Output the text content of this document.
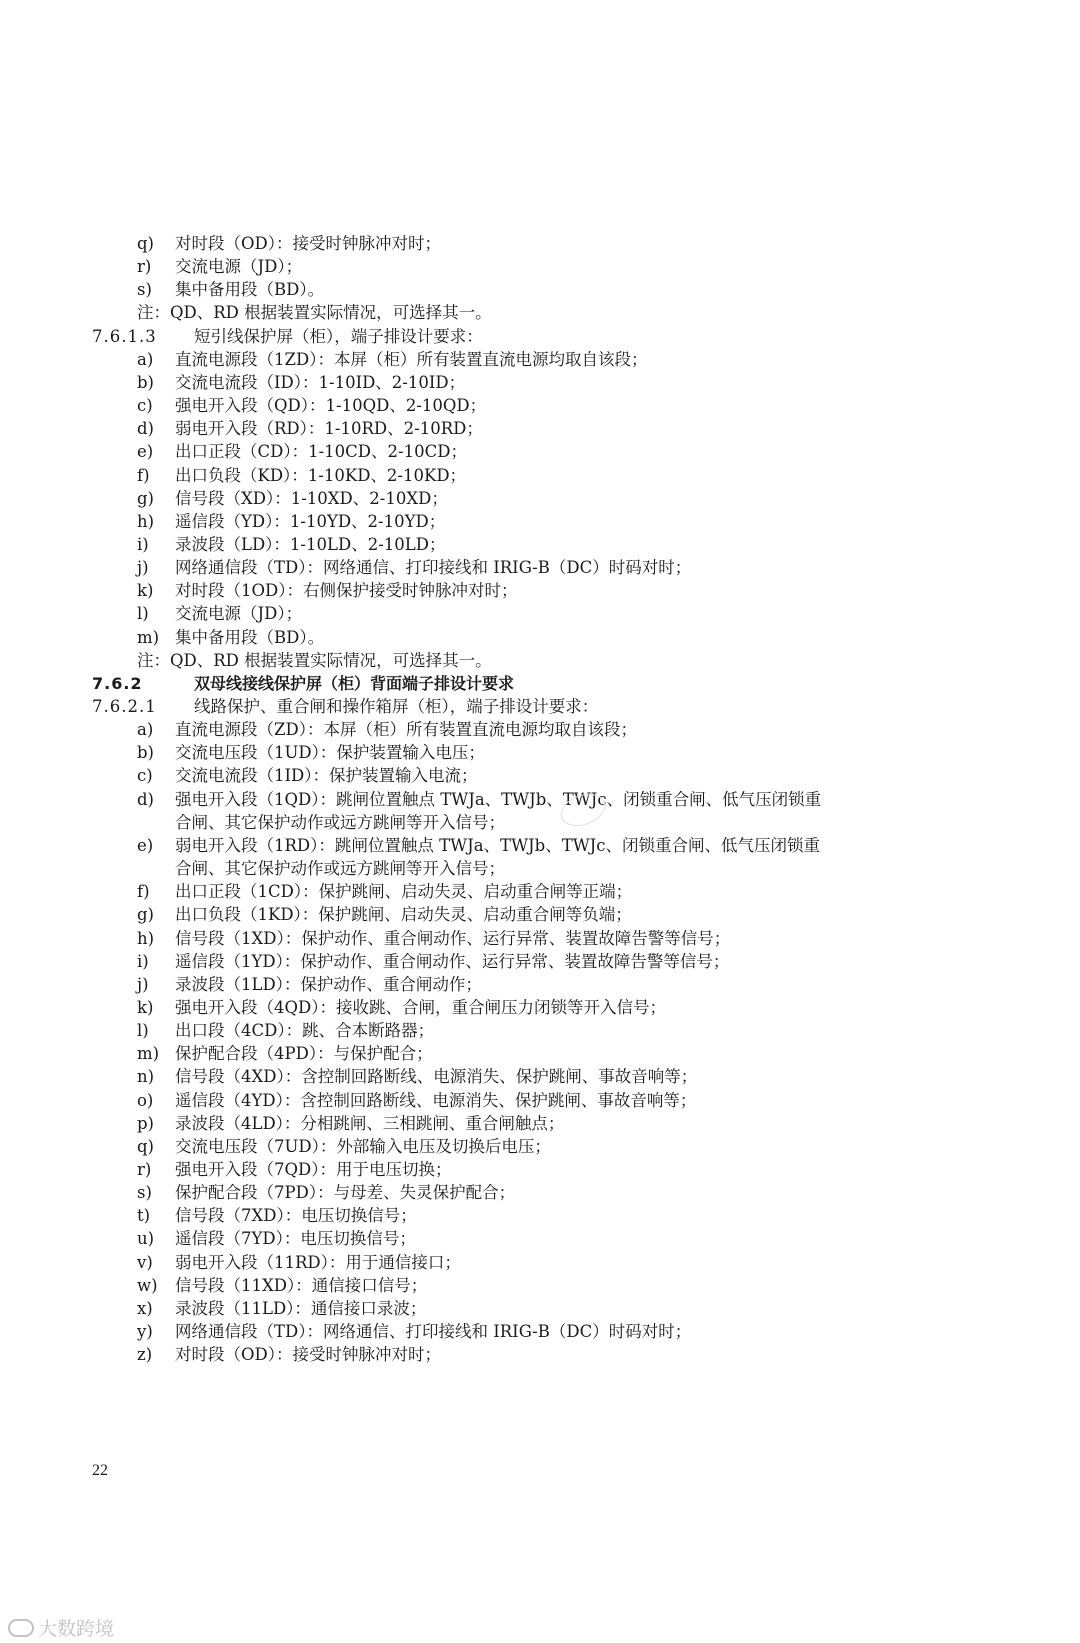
q)	对时段（OD）：接受时钟脉冲对时；
r)	交流电源（JD）；
s)	集中备用段（BD）。
注：QD、RD 根据装置实际情况，可选择其一。
7.6.1.3 短引线保护屏（柜），端子排设计要求：
a)	直流电源段（1ZD）：本屏（柜）所有装置直流电源均取自该段；
b)	交流电流段（ID）：1-10ID、2-10ID；
c)	强电开入段（QD）：1-10QD、2-10QD；
d)	弱电开入段（RD）：1-10RD、2-10RD；
e)	出口正段（CD）：1-10CD、2-10CD；
f)	出口负段（KD）：1-10KD、2-10KD；
g)	信号段（XD）：1-10XD、2-10XD；
h)	遥信段（YD）：1-10YD、2-10YD；
i)	录波段（LD）：1-10LD、2-10LD；
j)	网络通信段（TD）：网络通信、打印接线和 IRIG-B（DC）时码对时；
k)	对时段（1OD）：右侧保护接受时钟脉冲对时；
l)	交流电源（JD）；
m) 集中备用段（BD）。
注：QD、RD 根据装置实际情况，可选择其一。
7.6.2	双母线接线保护屏（柜）背面端子排设计要求
7.6.2.1 线路保护、重合闸和操作箱屏（柜），端子排设计要求：
a)	直流电源段（ZD）：本屏（柜）所有装置直流电源均取自该段；
b)	交流电压段（1UD）：保护装置输入电压；
c)	交流电流段（1ID）：保护装置输入电流；
d)	强电开入段（1QD）：跳闸位置触点 TWJa、TWJb、TWJc、闭锁重合闸、低气压闭锁重
合闸、其它保护动作或远方跳闸等开入信号；
e)	弱电开入段（1RD）：跳闸位置触点 TWJa、TWJb、TWJc、闭锁重合闸、低气压闭锁重
合闸、其它保护动作或远方跳闸等开入信号；
f)	出口正段（1CD）：保护跳闸、启动失灵、启动重合闸等正端；
g)	出口负段（1KD）：保护跳闸、启动失灵、启动重合闸等负端；
h)	信号段（1XD）：保护动作、重合闸动作、运行异常、装置故障告警等信号；
i)	遥信段（1YD）：保护动作、重合闸动作、运行异常、装置故障告警等信号；
j)	录波段（1LD）：保护动作、重合闸动作；
k)	强电开入段（4QD）：接收跳、合闸，重合闸压力闭锁等开入信号；
l)	出口段（4CD）：跳、合本断路器；
m) 保护配合段（4PD）：与保护配合；
n)	信号段（4XD）：含控制回路断线、电源消失、保护跳闸、事故音响等；
o)	遥信段（4YD）：含控制回路断线、电源消失、保护跳闸、事故音响等；
p)	录波段（4LD）：分相跳闸、三相跳闸、重合闸触点；
q)	交流电压段（7UD）：外部输入电压及切换后电压；
r)	强电开入段（7QD）：用于电压切换；
s)	保护配合段（7PD）：与母差、失灵保护配合；
t)	信号段（7XD）：电压切换信号；
u)	遥信段（7YD）：电压切换信号；
v)	弱电开入段（11RD）：用于通信接口；
w)	信号段（11XD）：通信接口信号；
x)	录波段（11LD）：通信接口录波；
y)	网络通信段（TD）：网络通信、打印接线和 IRIG-B（DC）时码对时；
z)	对时段（OD）：接受时钟脉冲对时；
22
大数跨境
